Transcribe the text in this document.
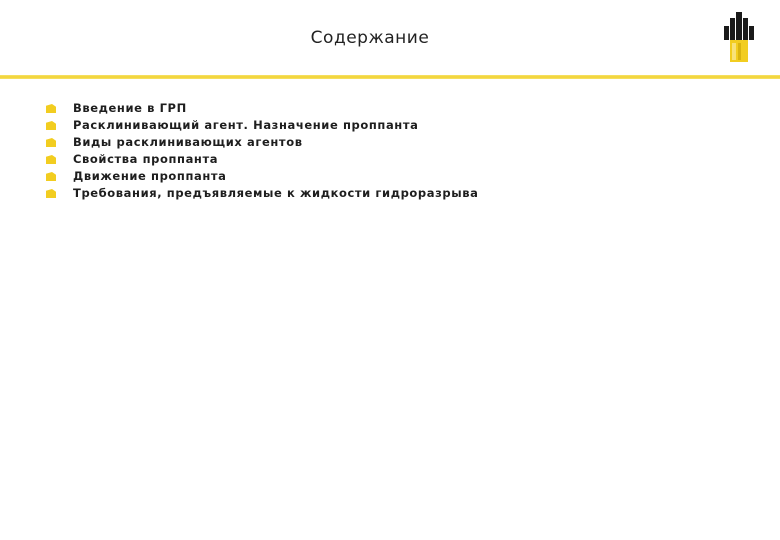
Содержание
Введение в ГРП
Расклинивающий агент. Назначение проппанта
Виды расклинивающих агентов
Свойства проппанта
Движение проппанта
Требования, предъявляемые к жидкости гидроразрыва
